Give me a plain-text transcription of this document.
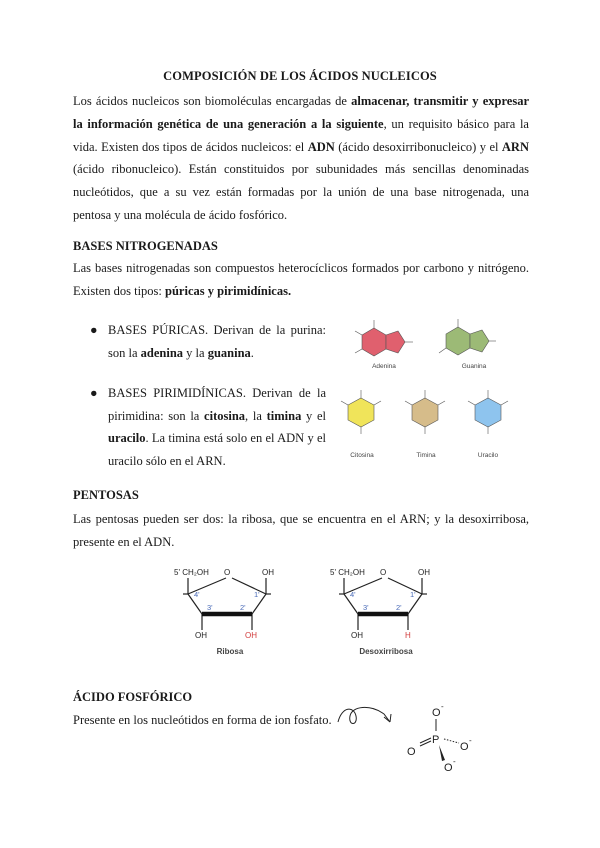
COMPOSICIÓN DE LOS ÁCIDOS NUCLEICOS
Los ácidos nucleicos son biomoléculas encargadas de almacenar, transmitir y expresar la información genética de una generación a la siguiente, un requisito básico para la vida. Existen dos tipos de ácidos nucleicos: el ADN (ácido desoxirribonucleico) y el ARN (ácido ribonucleico). Están constituidos por subunidades más sencillas denominadas nucleótidos, que a su vez están formadas por la unión de una base nitrogenada, una pentosa y una molécula de ácido fosfórico.
BASES NITROGENADAS
Las bases nitrogenadas son compuestos heterocíclicos formados por carbono y nitrógeno. Existen dos tipos: púricas y pirimidínicas.
● BASES PÚRICAS. Derivan de la purina: son la adenina y la guanina.
● BASES PIRIMIDÍNICAS. Derivan de la pirimidina: son la citosina, la timina y el uracilo. La timina está solo en el ADN y el uracilo sólo en el ARN.
Adenina	Guanina
Citosina	Timina	Uracilo
PENTOSAS
Las pentosas pueden ser dos: la ribosa, que se encuentra en el ARN; y la desoxirribosa, presente en el ADN.
5' CH₂OH O	OH
4'	1'
3'	2'
OH	OH
Ribosa
5' CH₂OH O	OH
4'	1'
3'	2'
OH	H
Desoxirribosa
ÁCIDO FOSFÓRICO
Presente en los nucleótidos en forma de ion fosfato.	O
-
P
O	O
-
O
-
